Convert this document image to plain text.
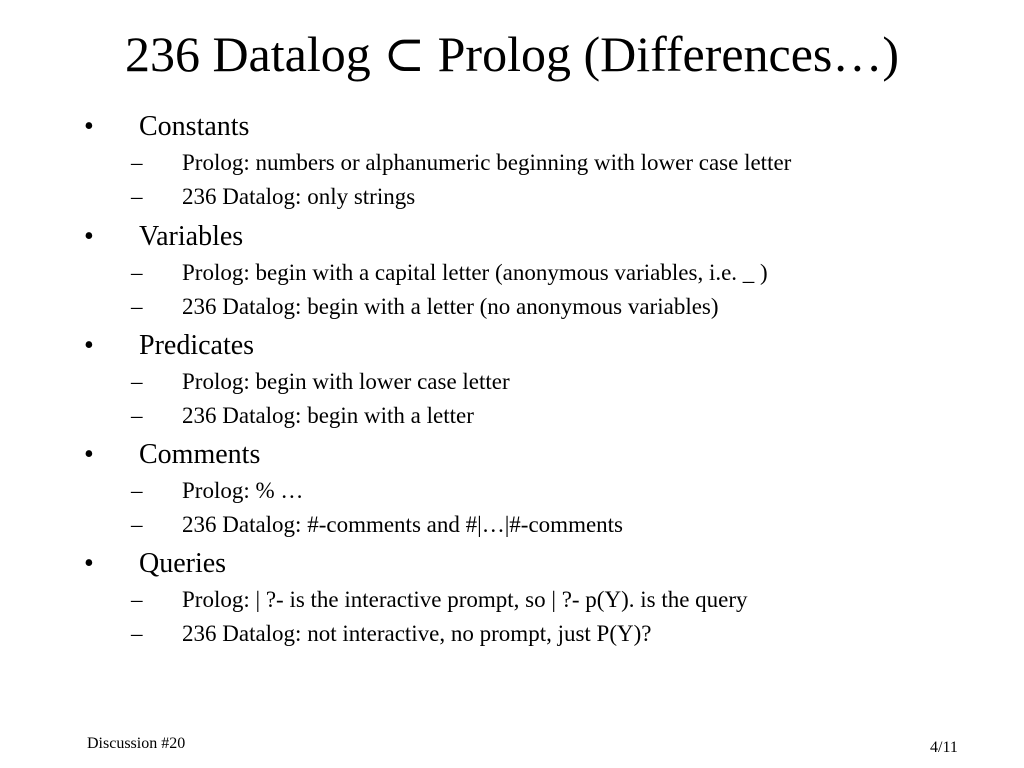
236 Datalog ⊂ Prolog (Differences…)
• Constants
– Prolog: numbers or alphanumeric beginning with lower case letter
– 236 Datalog: only strings
• Variables
– Prolog: begin with a capital letter (anonymous variables, i.e. _ )
– 236 Datalog: begin with a letter (no anonymous variables)
• Predicates
– Prolog: begin with lower case letter
– 236 Datalog: begin with a letter
• Comments
– Prolog: % …
– 236 Datalog: #-comments and #|…|#-comments
• Queries
– Prolog: | ?- is the interactive prompt, so | ?- p(Y). is the query
– 236 Datalog: not interactive, no prompt, just P(Y)?
Discussion #20	4/11
